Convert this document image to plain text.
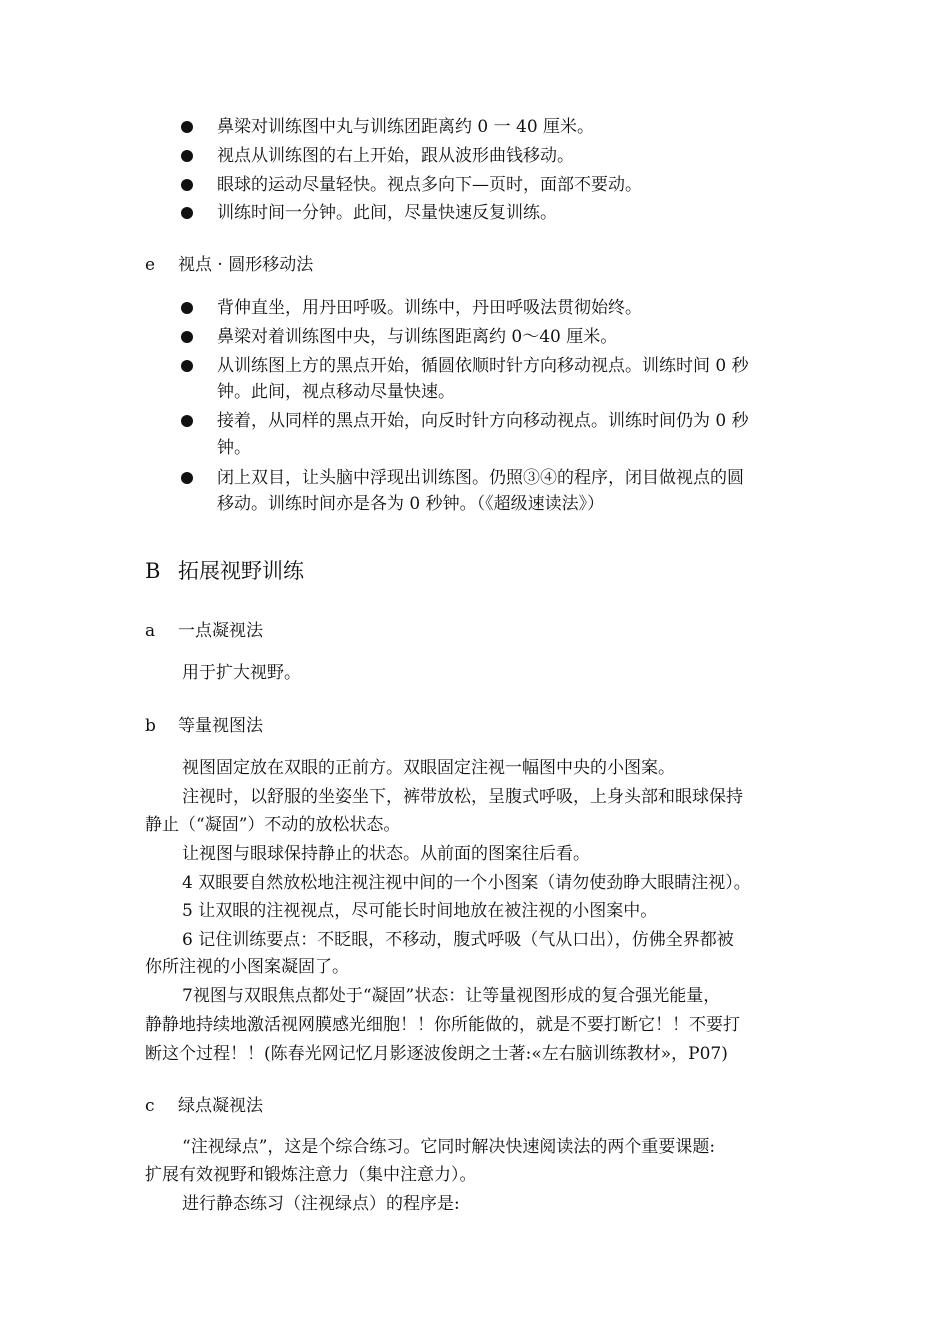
鼻梁对训练图中丸与训练团距离约 0 一 40 厘米。
视点从训练图的右上开始，跟从波形曲钱移动。
眼球的运动尽量轻快。视点多向下—页时，面部不要动。
训练时间一分钟。此间，尽量快速反复训练。
e 视点 · 圆形移动法
背伸直坐，用丹田呼吸。训练中，丹田呼吸法贯彻始终。
鼻梁对着训练图中央，与训练图距离约 0～40 厘米。
从训练图上方的黑点开始，循圆依顺时针方向移动视点。训练时间 0 秒
钟。此间，视点移动尽量快速。
接着，从同样的黑点开始，向反时针方向移动视点。训练时间仍为 0 秒
钟。
闭上双目，让头脑中浮现出训练图。仍照③④的程序，闭目做视点的圆
移动。训练时间亦是各为 0 秒钟。（《超级速读法》）
B 拓展视野训练
a 一点凝视法
用于扩大视野。
b 等量视图法
视图固定放在双眼的正前方。双眼固定注视一幅图中央的小图案。
注视时，以舒服的坐姿坐下，裤带放松，呈腹式呼吸，上身头部和眼球保持
静止（“凝固”）不动的放松状态。
让视图与眼球保持静止的状态。从前面的图案往后看。
4 双眼要自然放松地注视注视中间的一个小图案（请勿使劲睁大眼睛注视）。
5 让双眼的注视视点，尽可能长时间地放在被注视的小图案中。
6 记住训练要点：不眨眼，不移动，腹式呼吸（气从口出），仿佛全界都被
你所注视的小图案凝固了。
7视图与双眼焦点都处于“凝固”状态：让等量视图形成的复合强光能量，
静静地持续地激活视网膜感光细胞！！你所能做的，就是不要打断它！！不要打
断这个过程！！(陈春光网记忆月影逐波俊朗之士著:«左右脑训练教材»，P07)
c 绿点凝视法
“注视绿点”，这是个综合练习。它同时解决快速阅读法的两个重要课题:
扩展有效视野和锻炼注意力（集中注意力）。
进行静态练习（注视绿点）的程序是:
